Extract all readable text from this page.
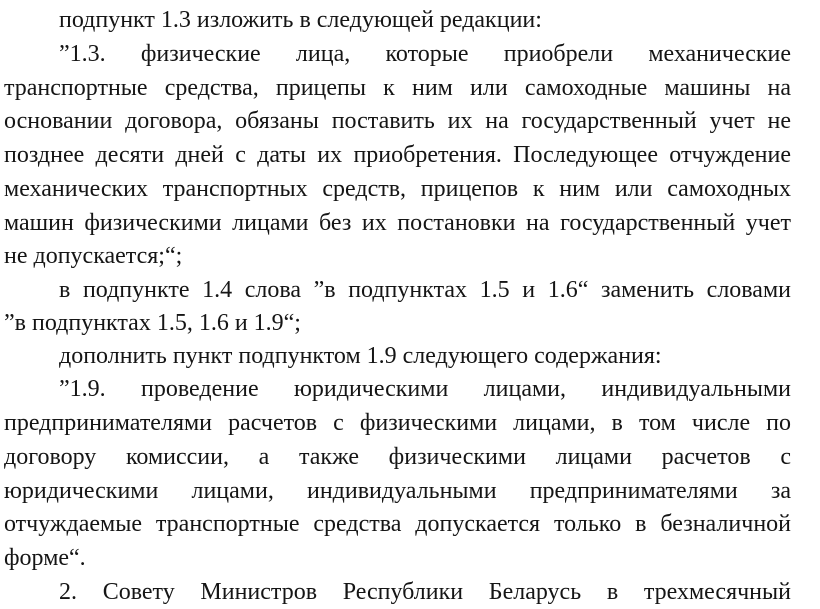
подпункт 1.3 изложить в следующей редакции:
”1.3. физические лица, которые приобрели механические
транспортные средства, прицепы к ним или самоходные машины на
основании договора, обязаны поставить их на государственный учет не
позднее десяти дней с даты их приобретения. Последующее отчуждение
механических транспортных средств, прицепов к ним или самоходных
машин физическими лицами без их постановки на государственный учет
не допускается;“;
в подпункте 1.4 слова ”в подпунктах 1.5 и 1.6“ заменить словами
”в подпунктах 1.5, 1.6 и 1.9“;
дополнить пункт подпунктом 1.9 следующего содержания:
”1.9. проведение юридическими лицами, индивидуальными
предпринимателями расчетов с физическими лицами, в том числе по
договору комиссии, а также физическими лицами расчетов с
юридическими лицами, индивидуальными предпринимателями за
отчуждаемые транспортные средства допускается только в безналичной
форме“.
2. Совету Министров Республики Беларусь в трехмесячный
